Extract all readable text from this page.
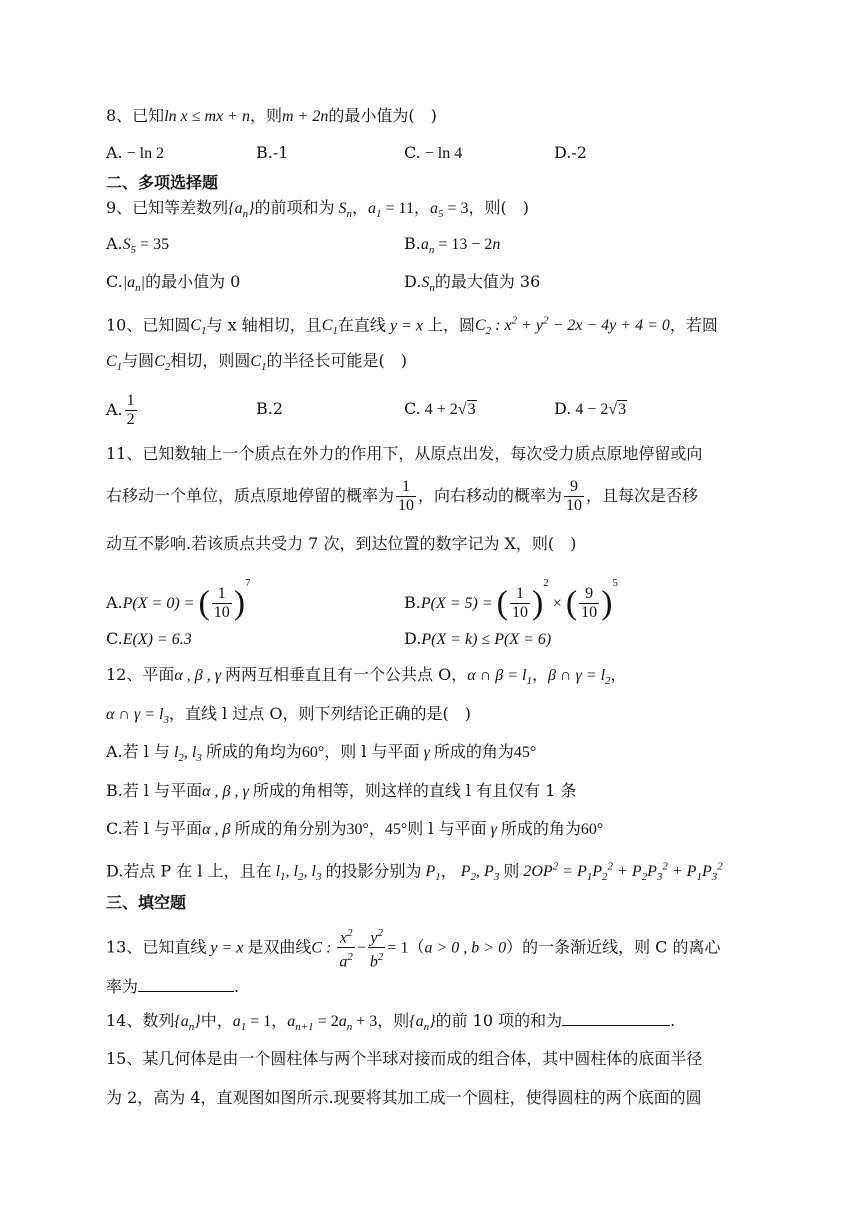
8、已知ln x ≤ mx + n，则m + 2n的最小值为(　)
A. − ln 2	B.-1	C. − ln 4	D.-2
二、多项选择题
9、已知等差数列$\{a_n\}$的前项和为 $S_n$，$a_1 = 11$，$a_5 = 3$，则(　)
$A.S_5 = 35$	$B.a_n = 13 - 2n$
$C.|a_n|$的最小值为 0	$D.S_n$的最大值为 36
10、已知圆$C_1$与 x 轴相切，且$C_1$在直线 y = x 上，圆$C_2$ : $x^2 + y^2 - 2x - 4y + 4 = 0$，若圆
$C_1$与圆$C_2$相切，则圆$C_1$的半径长可能是(　)
A. $\frac{1}{2}$	B.2	C. 4 + 2√3	D. 4 − 2√3
11、已知数轴上一个质点在外力的作用下，从原点出发，每次受力质点原地停留或向
右移动一个单位，质点原地停留的概率为 $\frac{1}{10}$ ，向右移动的概率为 $\frac{9}{10}$ ，且每次是否移
动互不影响.若该质点共受力 7 次，到达位置的数字记为 X，则(　)
A.P(X = 0) = ( $\frac{1}{10} )^7$
B.P(X = 5) = ( $\frac{1}{10} )^2$ × ( $\frac{9}{10} )^5$
C.E(X) = 6.3	D.P(X = k) ≤ P(X = 6)
12、平面α , β , γ 两两互相垂直且有一个公共点 O，α ∩ $\beta = l_1$，β ∩ $\gamma = l_2$，
α ∩ $\gamma = l_3$，直线 l 过点 O，则下列结论正确的是(　)
A.若 l 与 $l_2$, $l_3$ 所成的角均为60°，则 l 与平面 γ 所成的角为45°
B.若 l 与平面α , β , γ 所成的角相等，则这样的直线 l 有且仅有 1 条
C.若 l 与平面α , β 所成的角分别为30°，45°则 l 与平面 γ 所成的角为60°
D.若点 P 在 l 上，且在 $l_1$, $l_2$, $l_3$ 的投影分别为 $P_1$， $P_2$, $P_3$ 则 $2OP^2 = P_1P_2^2 + P_2P_3^2 + P_1P_3^2$
三、填空题
13、已知直线 y = x 是双曲线C : $\frac{x^2}{a^2} - \frac{y^2}{b^2} = 1(a > 0$ , b > 0）的一条渐近线，则 C 的离心
率为	.
14、数列$\{a_n\}$中，$a_1 = 1$，$a_{n+1} = 2a_n + 3$，则$\{a_n\}$的前 10 项的和为	.
15、某几何体是由一个圆柱体与两个半球对接而成的组合体，其中圆柱体的底面半径
为 2，高为 4，直观图如图所示.现要将其加工成一个圆柱，使得圆柱的两个底面的圆
